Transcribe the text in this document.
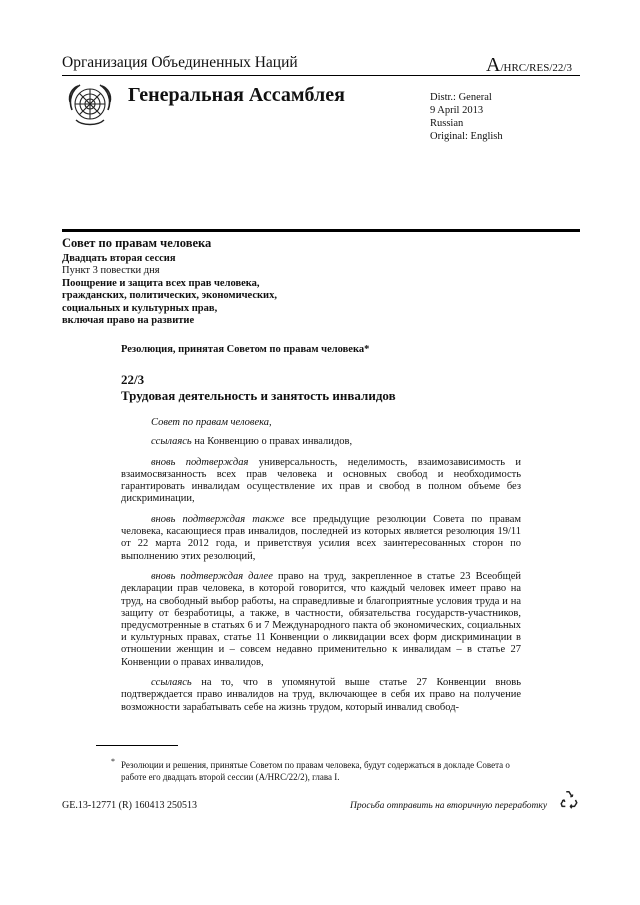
Организация Объединенных Наций	A/HRC/RES/22/3
Генеральная Ассамблея	Distr.: General
9 April 2013
Russian
Original: English
Совет по правам человека
Двадцать вторая сессия
Пункт 3 повестки дня
Поощрение и защита всех прав человека,
гражданских, политических, экономических,
социальных и культурных прав,
включая право на развитие
Резолюция, принятая Советом по правам человека*
22/3
Трудовая деятельность и занятость инвалидов

Совет по правам человека,

ссылаясь на Конвенцию о правах инвалидов,

вновь подтверждая универсальность, неделимость, взаимозависимость и взаимосвязанность всех прав человека и основных свобод и необходимость гарантировать инвалидам осуществление их прав и свобод в полном объеме без дискриминации,

вновь подтверждая также все предыдущие резолюции Совета по правам человека, касающиеся прав инвалидов, последней из которых является резолюция 19/11 от 22 марта 2012 года, и приветствуя усилия всех заинтересованных сторон по выполнению этих резолюций,

вновь подтверждая далее право на труд, закрепленное в статье 23 Всеобщей декларации прав человека, в которой говорится, что каждый человек имеет право на труд, на свободный выбор работы, на справедливые и благоприятные условия труда и на защиту от безработицы, а также, в частности, обязательства государств-участников, предусмотренные в статьях 6 и 7 Международного пакта об экономических, социальных и культурных правах, статье 11 Конвенции о ликвидации всех форм дискриминации в отношении женщин и – совсем недавно применительно к инвалидам – в статье 27 Конвенции о правах инвалидов,

ссылаясь на то, что в упомянутой выше статье 27 Конвенции вновь подтверждается право инвалидов на труд, включающее в себя их право на получение возможности зарабатывать себе на жизнь трудом, который инвалид свобод-

* Резолюции и решения, принятые Советом по правам человека, будут содержаться в докладе Совета о работе его двадцать второй сессии (A/HRC/22/2), глава I.
GE.13-12771 (R) 160413 250513	Просьба отправить на вторичную переработку
